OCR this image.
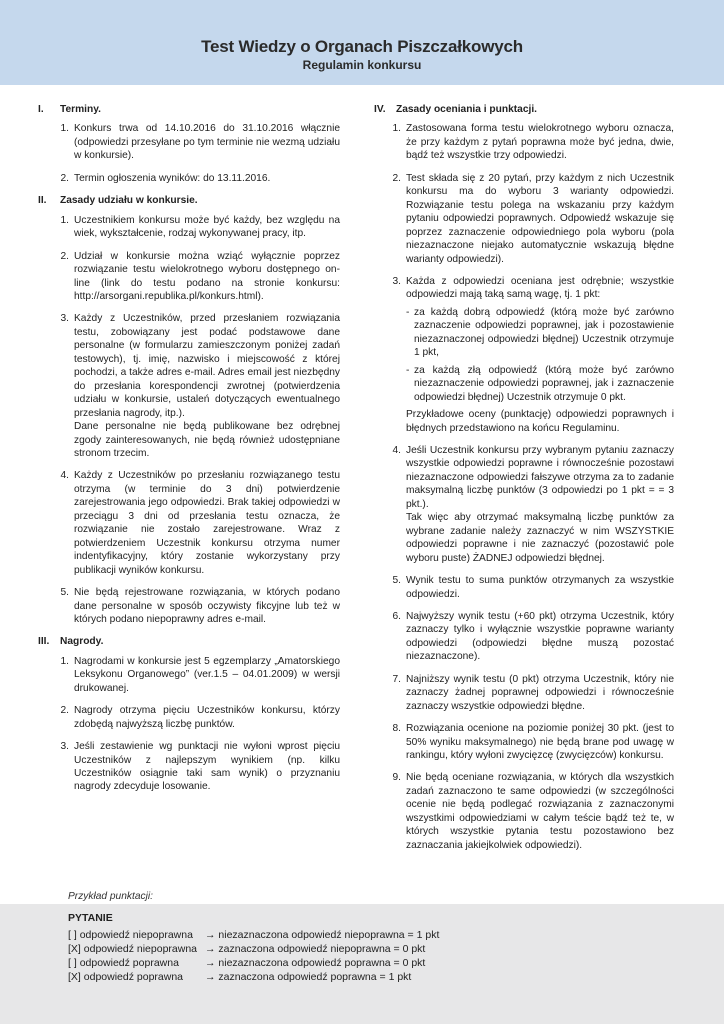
Test Wiedzy o Organach Piszczałkowych
Regulamin konkursu
I.	Terminy.
1. Konkurs trwa od 14.10.2016 do 31.10.2016 włącznie (odpowiedzi przesyłane po tym terminie nie wezmą udziału w konkursie).
2. Termin ogłoszenia wyników: do 13.11.2016.
II.	Zasady udziału w konkursie.
1. Uczestnikiem konkursu może być każdy, bez względu na wiek, wykształcenie, rodzaj wykonywanej pracy, itp.
2. Udział w konkursie można wziąć wyłącznie poprzez rozwiązanie testu wielokrotnego wyboru dostępnego on-line (link do testu podano na stronie konkursu: http://arsorgani.republika.pl/konkurs.html).
3. Każdy z Uczestników, przed przesłaniem rozwiązania testu, zobowiązany jest podać podstawowe dane personalne (w formularzu zamieszczonym poniżej zadań testowych), tj. imię, nazwisko i miejscowość z której pochodzi, a także adres e-mail. Adres email jest niezbędny do przesłania korespondencji zwrotnej (potwierdzenia udziału w konkursie, ustaleń dotyczących ewentualnego przesłania nagrody, itp.).

Dane personalne nie będą publikowane bez odrębnej zgody zainteresowanych, nie będą również udostępniane stronom trzecim.

4. Każdy z Uczestników po przesłaniu rozwiązanego testu otrzyma (w terminie do 3 dni) potwierdzenie zarejestrowania jego odpowiedzi. Brak takiej odpowiedzi w przeciągu 3 dni od przesłania testu oznacza, że rozwiązanie nie zostało zarejestrowane. Wraz z potwierdzeniem Uczestnik konkursu otrzyma numer indentyfikacyjny, który zostanie wykorzystany przy publikacji wyników konkursu.
5. Nie będą rejestrowane rozwiązania, w których podano dane personalne w sposób oczywisty fikcyjne lub też w których podano niepoprawny adres e-mail.
III.	Nagrody.
1. Nagrodami w konkursie jest 5 egzemplarzy „Amatorskiego Leksykonu Organowego” (ver.1.5 – 04.01.2009) w wersji drukowanej.
2. Nagrody otrzyma pięciu Uczestników konkursu, którzy zdobędą najwyższą liczbę punktów.
3. Jeśli zestawienie wg punktacji nie wyłoni wprost pięciu Uczestników z najlepszym wynikiem (np. kilku Uczestników osiągnie taki sam wynik) o przyznaniu nagrody zdecyduje losowanie.
IV.	Zasady oceniania i punktacji.
1. Zastosowana forma testu wielokrotnego wyboru oznacza, że przy każdym z pytań poprawna może być jedna, dwie, bądź też wszystkie trzy odpowiedzi.
2. Test składa się z 20 pytań, przy każdym z nich Uczestnik konkursu ma do wyboru 3 warianty odpowiedzi. Rozwiązanie testu polega na wskazaniu przy każdym pytaniu odpowiedzi poprawnych. Odpowiedź wskazuje się poprzez zaznaczenie odpowiedniego pola wyboru (pola niezaznaczone niejako automatycznie wskazują błędne warianty odpowiedzi).
3. Każda z odpowiedzi oceniana jest odrębnie; wszystkie odpowiedzi mają taką samą wagę, tj. 1 pkt:

- za każdą dobrą odpowiedź (którą może być zarówno zaznaczenie odpowiedzi poprawnej, jak i pozostawienie niezaznaczonej odpowiedzi błędnej) Uczestnik otrzymuje 1 pkt,
- za każdą złą odpowiedź (którą może być zarówno niezaznaczenie odpowiedzi poprawnej, jak i zaznaczenie odpowiedzi błędnej) Uczestnik otrzymuje 0 pkt.

Przykładowe oceny (punktację) odpowiedzi poprawnych i błędnych przedstawiono na końcu Regulaminu.

4. Jeśli Uczestnik konkursu przy wybranym pytaniu zaznaczy wszystkie odpowiedzi poprawne i równocześnie pozostawi niezaznaczone odpowiedzi fałszywe otrzyma za to zadanie maksymalną liczbę punktów (3 odpowiedzi po 1 pkt = = 3 pkt.).

Tak więc aby otrzymać maksymalną liczbę punktów za wybrane zadanie należy zaznaczyć w nim WSZYSTKIE odpowiedzi poprawne i nie zaznaczyć (pozostawić pole wyboru puste) ŻADNEJ odpowiedzi błędnej.

5. Wynik testu to suma punktów otrzymanych za wszystkie odpowiedzi.
6. Najwyższy wynik testu (+60 pkt) otrzyma Uczestnik, który zaznaczy tylko i wyłącznie wszystkie poprawne warianty odpowiedzi (odpowiedzi błędne muszą pozostać niezaznaczone).
7. Najniższy wynik testu (0 pkt) otrzyma Uczestnik, który nie zaznaczy żadnej poprawnej odpowiedzi i równocześnie zaznaczy wszystkie odpowiedzi błędne.
8. Rozwiązania ocenione na poziomie poniżej 30 pkt. (jest to 50% wyniku maksymalnego) nie będą brane pod uwagę w rankingu, który wyłoni zwycięzcę (zwycięzców) konkursu.
9. Nie będą oceniane rozwiązania, w których dla wszystkich zadań zaznaczono te same odpowiedzi (w szczególności ocenie nie będą podlegać rozwiązania z zaznaczonymi wszystkimi odpowiedziami w całym teście bądź też te, w których wszystkie pytania testu pozostawiono bez zaznaczania jakiejkolwiek odpowiedzi).
Przykład punktacji:
PYTANIE
[ ] odpowiedź niepoprawna	→ niezaznaczona odpowiedź niepoprawna = 1 pkt
[X] odpowiedź niepoprawna → zaznaczona odpowiedź niepoprawna = 0 pkt
[ ] odpowiedź poprawna	→ niezaznaczona odpowiedź poprawna = 0 pkt
[X] odpowiedź poprawna	→ zaznaczona odpowiedź poprawna = 1 pkt
